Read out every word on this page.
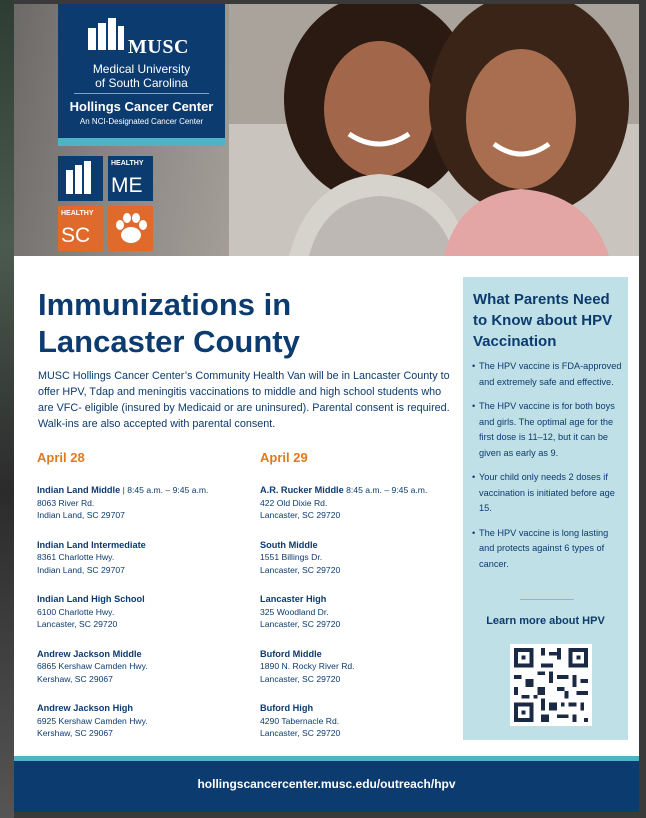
MUSC
Medical University
of South Carolina
Hollings Cancer Center
An NCI-Designated Cancer Center
HEALTHY
ME
HEALTHY
SC
Immunizations in
Lancaster County
MUSC Hollings Cancer Center’s Community Health Van will be in Lancaster County to offer HPV, Tdap and meningitis vaccinations to middle and high school students who are VFC- eligible (insured by Medicaid or are uninsured). Parental consent is required. Walk-ins are also accepted with parental consent.
April 28
Indian Land Middle | 8:45 a.m. – 9:45 a.m.
8063 River Rd.
Indian Land, SC 29707
Indian Land Intermediate
8361 Charlotte Hwy.
Indian Land, SC 29707
Indian Land High School
6100 Charlotte Hwy.
Lancaster, SC 29720
Andrew Jackson Middle
6865 Kershaw Camden Hwy.
Kershaw, SC 29067
Andrew Jackson High
6925 Kershaw Camden Hwy.
Kershaw, SC 29067
April 29
A.R. Rucker Middle 8:45 a.m. – 9:45 a.m.
422 Old Dixie Rd.
Lancaster, SC 29720
South Middle
1551 Billings Dr.
Lancaster, SC 29720
Lancaster High
325 Woodland Dr.
Lancaster, SC 29720
Buford Middle
1890 N. Rocky River Rd.
Lancaster, SC 29720
Buford High
4290 Tabernacle Rd.
Lancaster, SC 29720
What Parents Need to Know about HPV Vaccination
• The HPV vaccine is FDA-approved and extremely safe and effective.
• The HPV vaccine is for both boys and girls. The optimal age for the first dose is 11–12, but it can be given as early as 9.
• Your child only needs 2 doses if vaccination is initiated before age 15.
• The HPV vaccine is long lasting and protects against 6 types of cancer.
Learn more about HPV
hollingscancercenter.musc.edu/outreach/hpv
